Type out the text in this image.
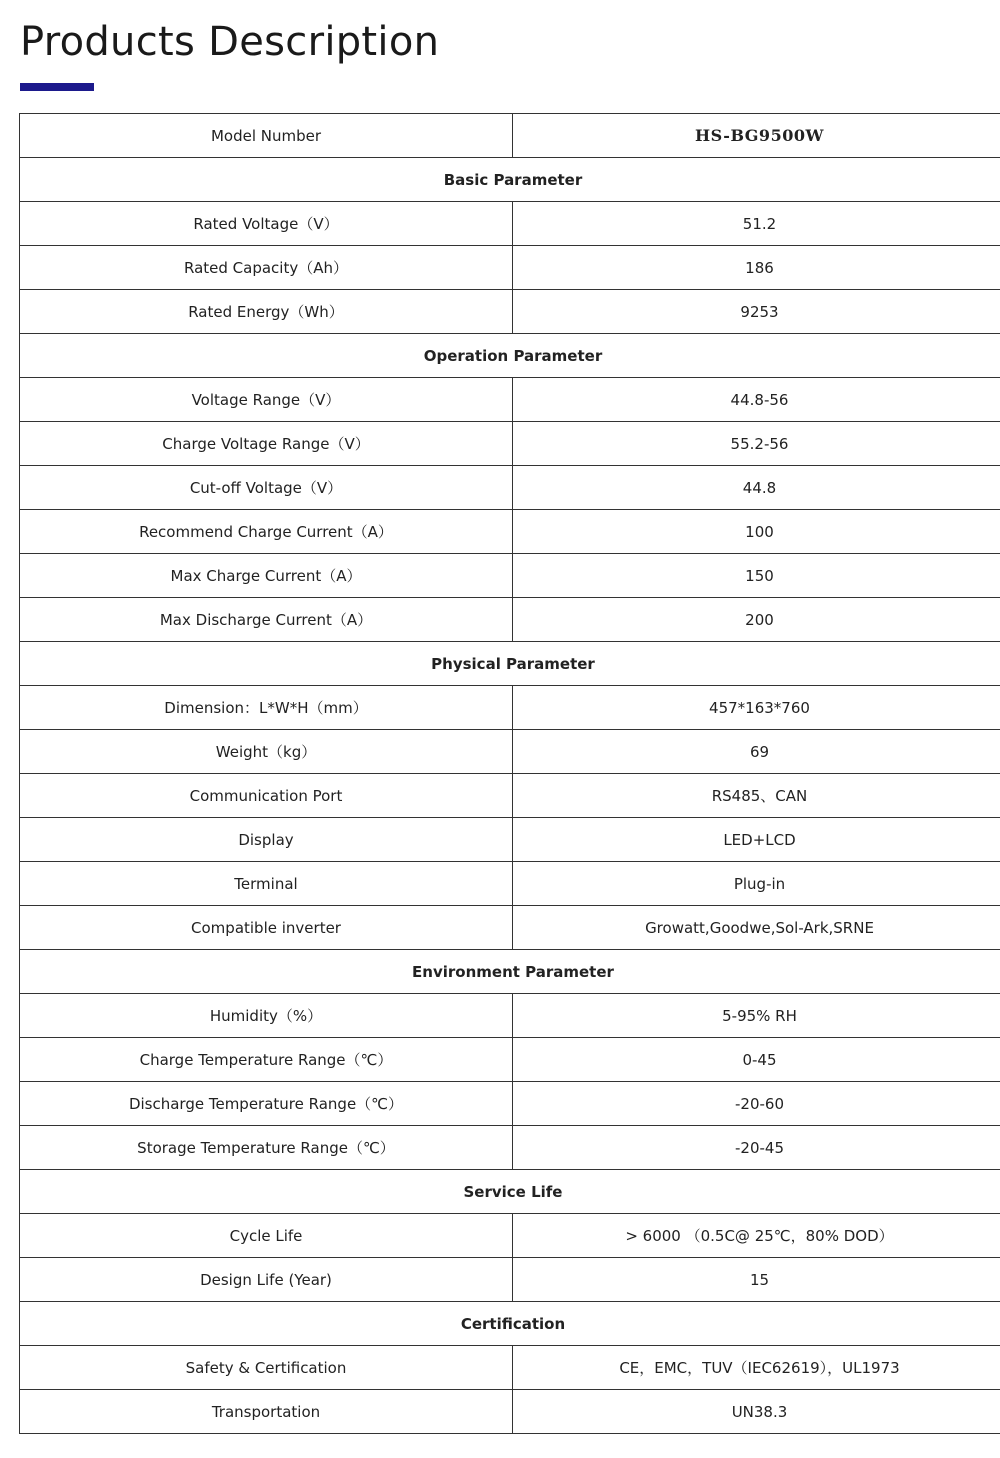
Products Description
Model Number	HS-BG9500W
Basic Parameter	
Rated Voltage（V）	51.2
Rated Capacity（Ah）	186
Rated Energy（Wh）	9253
Operation Parameter	
Voltage Range（V）	44.8-56
Charge Voltage Range（V）	55.2-56
Cut-off Voltage（V）	44.8
Recommend Charge Current（A）	100
Max Charge Current（A）	150
Max Discharge Current（A）	200
Physical Parameter	
Dimension：L*W*H（mm）	457*163*760
Weight（kg）	69
Communication Port	RS485、CAN
Display	LED+LCD
Terminal	Plug-in
Compatible inverter	Growatt,Goodwe,Sol-Ark,SRNE
Environment Parameter	
Humidity（%）	5-95% RH
Charge Temperature Range（℃）	0-45
Discharge Temperature Range（℃）	-20-60
Storage Temperature Range（℃）	-20-45
Service Life	
Cycle Life	> 6000 （0.5C@ 25℃，80% DOD）
Design Life (Year)	15
Certification	
Safety & Certification	CE，EMC，TUV（IEC62619），UL1973
Transportation	UN38.3
